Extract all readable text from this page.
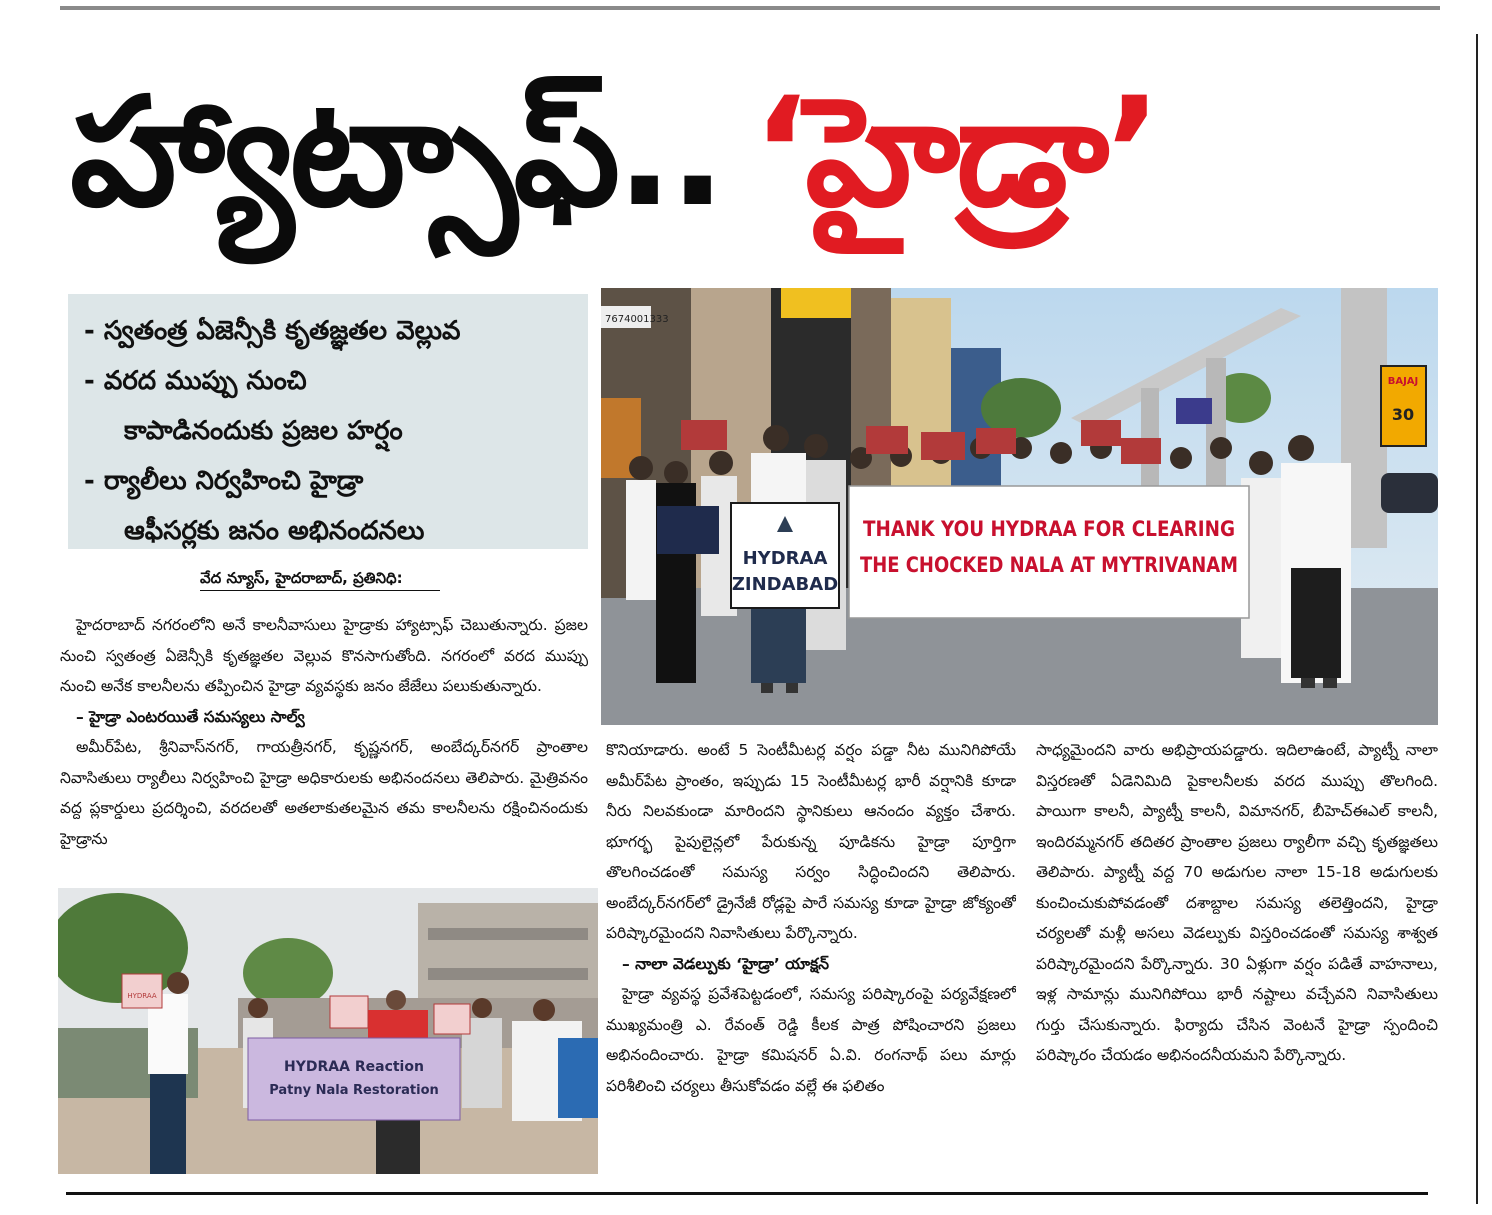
హ్యాట్సాఫ్.. ‘హైడ్రా’
- స్వతంత్ర ఏజెన్సీకి కృతజ్ఞతల వెల్లువ
- వరద ముప్పు నుంచి
కాపాడినందుకు ప్రజల హర్షం
- ర్యాలీలు నిర్వహించి హైడ్రా
ఆఫీసర్లకు జనం అభినందనలు
వేద న్యూస్, హైదరాబాద్, ప్రతినిధి:

హైదరాబాద్ నగరంలోని అనే కాలనీవాసులు హైడ్రాకు హ్యాట్సాఫ్ చెబుతున్నారు. ప్రజల నుంచి స్వతంత్ర ఏజెన్సీకి కృతజ్ఞతల వెల్లువ కొనసాగుతోంది. నగరంలో వరద ముప్పు నుంచి అనేక కాలనీలను తప్పించిన హైడ్రా వ్యవస్థకు జనం జేజేలు పలుకుతున్నారు.

– హైడ్రా ఎంటరయితే సమస్యలు సాల్వ్

అమీర్‌పేట, శ్రీనివాస్‌నగర్, గాయత్రీనగర్, కృష్ణనగర్, అంబేద్కర్‌నగర్ ప్రాంతాల నివాసితులు ర్యాలీలు నిర్వహించి హైడ్రా అధికారులకు అభినందనలు తెలిపారు. మైత్రివనం వద్ద ప్లకార్డులు ప్రదర్శించి, వరదలతో అతలాకుతలమైన తమ కాలనీలను రక్షించినందుకు హైడ్రాను

కొనియాడారు. అంటే 5 సెంటీమీటర్ల వర్షం పడ్డా నీట మునిగిపోయే అమీర్‌పేట ప్రాంతం, ఇప్పుడు 15 సెంటీమీటర్ల భారీ వర్షానికి కూడా నీరు నిలవకుండా మారిందని స్థానికులు ఆనందం వ్యక్తం చేశారు. భూగర్భ పైపులైన్లలో పేరుకున్న పూడికను హైడ్రా పూర్తిగా తొలగించడంతో సమస్య సర్వం సిద్ధించిందని తెలిపారు. అంబేద్కర్‌నగర్‌లో డ్రైనేజీ రోడ్లపై పారే సమస్య కూడా హైడ్రా జోక్యంతో పరిష్కారమైందని నివాసితులు పేర్కొన్నారు.

– నాలా వెడల్పుకు ‘హైడ్రా’ యాక్షన్

హైడ్రా వ్యవస్థ ప్రవేశపెట్టడంలో, సమస్య పరిష్కారంపై పర్యవేక్షణలో ముఖ్యమంత్రి ఎ. రేవంత్ రెడ్డి కీలక పాత్ర పోషించారని ప్రజలు అభినందించారు. హైడ్రా కమిషనర్ ఏ.వి. రంగనాథ్ పలు మార్లు పరిశీలించి చర్యలు తీసుకోవడం వల్లే ఈ ఫలితం

సాధ్యమైందని వారు అభిప్రాయపడ్డారు. ఇదిలాఉంటే, ప్యాట్నీ నాలా విస్తరణతో ఏడెనిమిది పైకాలనీలకు వరద ముప్పు తొలగింది. పాయిగా కాలనీ, ప్యాట్నీ కాలనీ, విమానగర్, బీహెచ్ఈఎల్ కాలనీ, ఇందిరమ్మనగర్ తదితర ప్రాంతాల ప్రజలు ర్యాలీగా వచ్చి కృతజ్ఞతలు తెలిపారు. ప్యాట్నీ వద్ద 70 అడుగుల నాలా 15-18 అడుగులకు కుంచించుకుపోవడంతో దశాబ్దాల సమస్య తలెత్తిందని, హైడ్రా చర్యలతో మళ్లీ అసలు వెడల్పుకు విస్తరించడంతో సమస్య శాశ్వత పరిష్కారమైందని పేర్కొన్నారు. 30 ఏళ్లుగా వర్షం పడితే వాహనాలు, ఇళ్ల సామాన్లు మునిగిపోయి భారీ నష్టాలు వచ్చేవని నివాసితులు గుర్తు చేసుకున్నారు. ఫిర్యాదు చేసిన వెంటనే హైడ్రా స్పందించి పరిష్కారం చేయడం అభినందనీయమని పేర్కొన్నారు.

7674001333
BAJAJ
30
HYDRAA
ZINDABAD
THANK YOU HYDRAA FOR CLEARING
THE CHOCKED NALA AT MYTRIVANAM
HYDRAA
HYDRAA Reaction
Patny Nala Restoration
